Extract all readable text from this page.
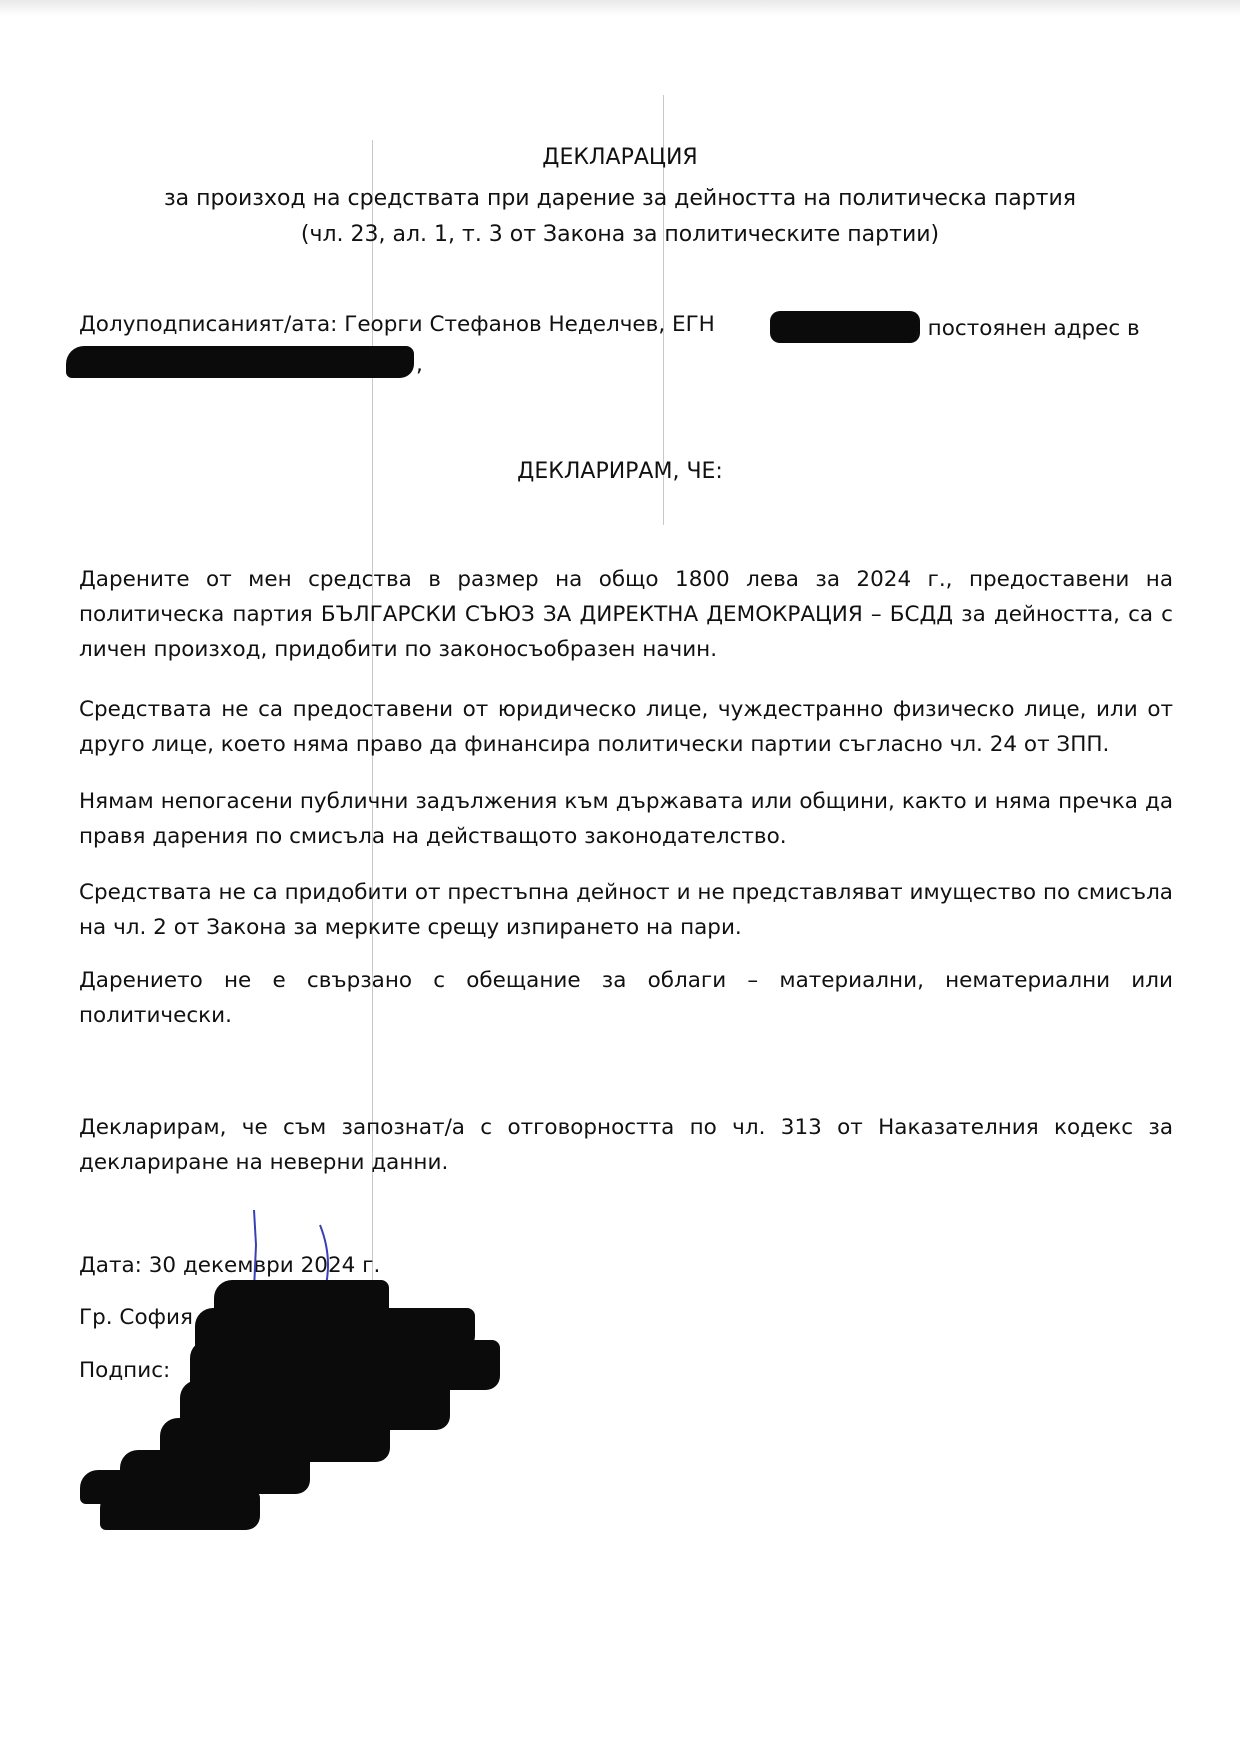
ДЕКЛАРАЦИЯ
за произход на средствата при дарение за дейността на политическа партия
(чл. 23, ал. 1, т. 3 от Закона за политическите партии)
Долуподписаният/ата: Георги Стефанов Неделчев, ЕГН	, постоянен адрес в
,
ДЕКЛАРИРАМ, ЧЕ:

Дарените от мен средства в размер на общо 1800 лева за 2024 г., предоставени на политическа партия БЪЛГАРСКИ СЪЮЗ ЗА ДИРЕКТНА ДЕМОКРАЦИЯ – БСДД за дейността, са с личен произход, придобити по законосъобразен начин.

Средствата не са предоставени от юридическо лице, чуждестранно физическо лице, или от друго лице, което няма право да финансира политически партии съгласно чл. 24 от ЗПП.

Нямам непогасени публични задължения към държавата или общини, както и няма пречка да правя дарения по смисъла на действащото законодателство.

Средствата не са придобити от престъпна дейност и не представляват имущество по смисъла на чл. 2 от Закона за мерките срещу изпирането на пари.

Дарението не е свързано с обещание за облаги – материални, нематериални или политически.

Декларирам, че съм запознат/а с отговорността по чл. 313 от Наказателния кодекс за деклариране на неверни данни.

Дата: 30 декември 2024 г.
Гр. София
Подпис:
